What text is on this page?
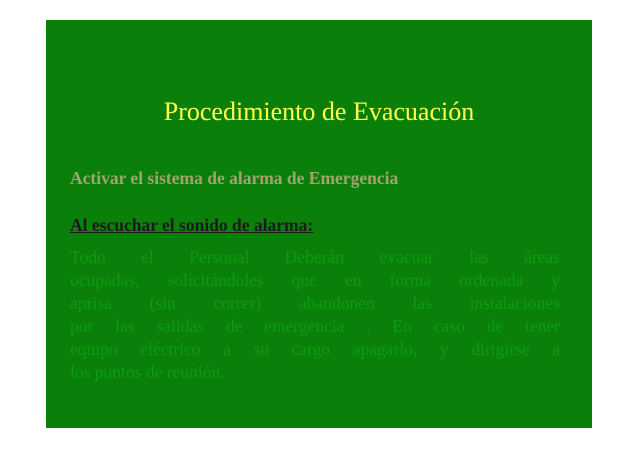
Procedimiento de Evacuación

Activar el sistema de alarma de Emergencia

Al escuchar el sonido de alarma:

Todo el Personal Deberán evacuar las áreas
ocupadas, solicitándoles que en forma ordenada y
aprisa (sin correr) abandonen las instalaciones
por las salidas de emergencia . En caso de tener
equipo eléctrico a su cargo apagarlo, y dirigirse a
los puntos de reunión.
